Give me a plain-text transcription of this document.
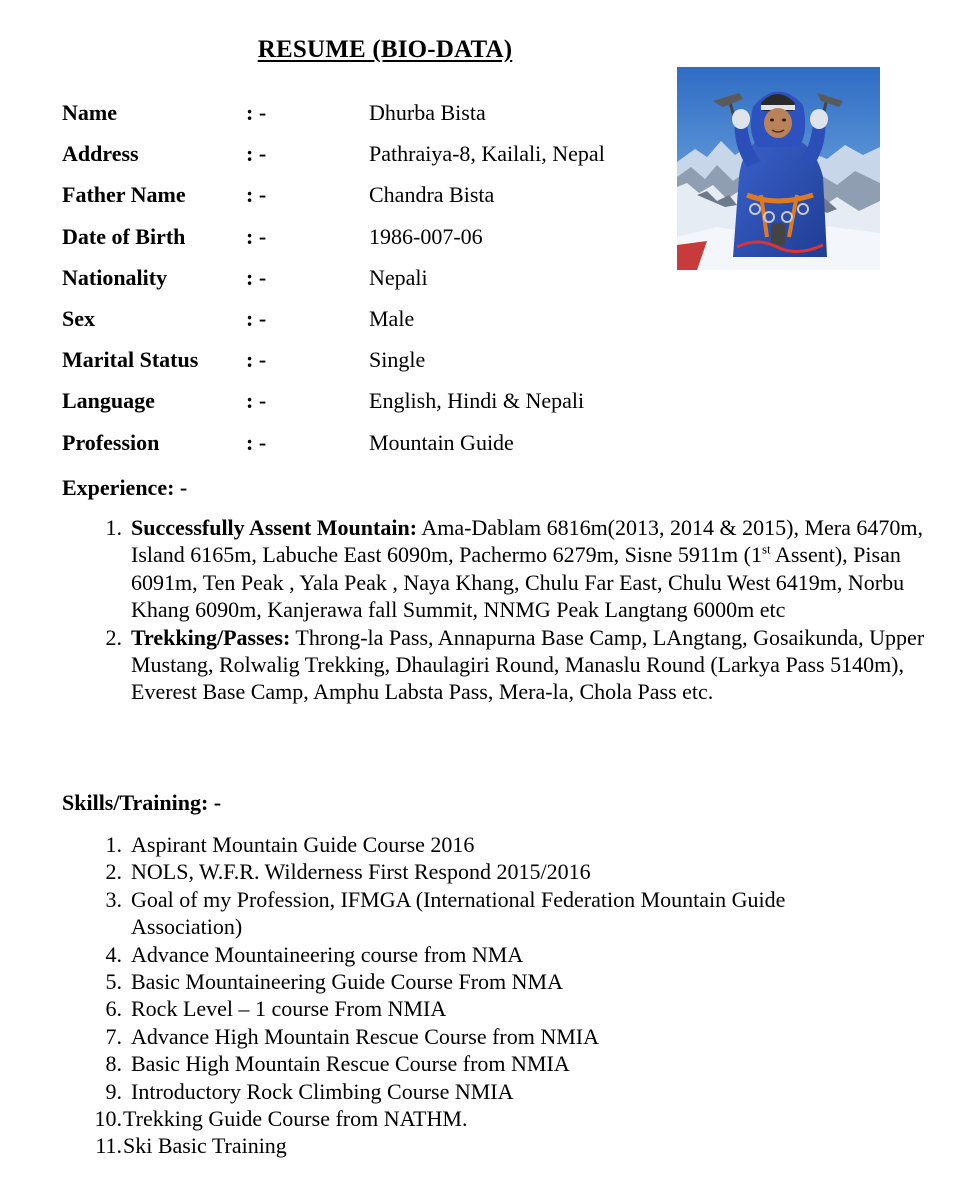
RESUME (BIO-DATA)
Name	: -	Dhurba Bista
Address	: -	Pathraiya-8, Kailali, Nepal
Father Name	: -	Chandra Bista
Date of Birth	: -	1986-007-06
Nationality	: -	Nepali
Sex	: -	Male
Marital Status	: -	Single
Language	: -	English, Hindi & Nepali
Profession	: -	Mountain Guide
Experience: -
1. Successfully Assent Mountain: Ama-Dablam 6816m(2013, 2014 & 2015), Mera 6470m, Island 6165m, Labuche East 6090m, Pachermo 6279m, Sisne 5911m (1st Assent), Pisan 6091m, Ten Peak , Yala Peak , Naya Khang, Chulu Far East, Chulu West 6419m, Norbu Khang 6090m, Kanjerawa fall Summit, NNMG Peak Langtang 6000m etc
2. Trekking/Passes: Throng-la Pass, Annapurna Base Camp, LAngtang, Gosaikunda, Upper Mustang, Rolwalig Trekking, Dhaulagiri Round, Manaslu Round (Larkya Pass 5140m), Everest Base Camp, Amphu Labsta Pass, Mera-la, Chola Pass etc.
Skills/Training: -
1. Aspirant Mountain Guide Course 2016
2. NOLS, W.F.R. Wilderness First Respond 2015/2016
3. Goal of my Profession, IFMGA (International Federation Mountain Guide Association)
4. Advance Mountaineering course from NMA
5. Basic Mountaineering Guide Course From NMA
6. Rock Level – 1 course From NMIA
7. Advance High Mountain Rescue Course from NMIA
8. Basic High Mountain Rescue Course from NMIA
9. Introductory Rock Climbing Course NMIA
10. Trekking Guide Course from NATHM.
11. Ski Basic Training
